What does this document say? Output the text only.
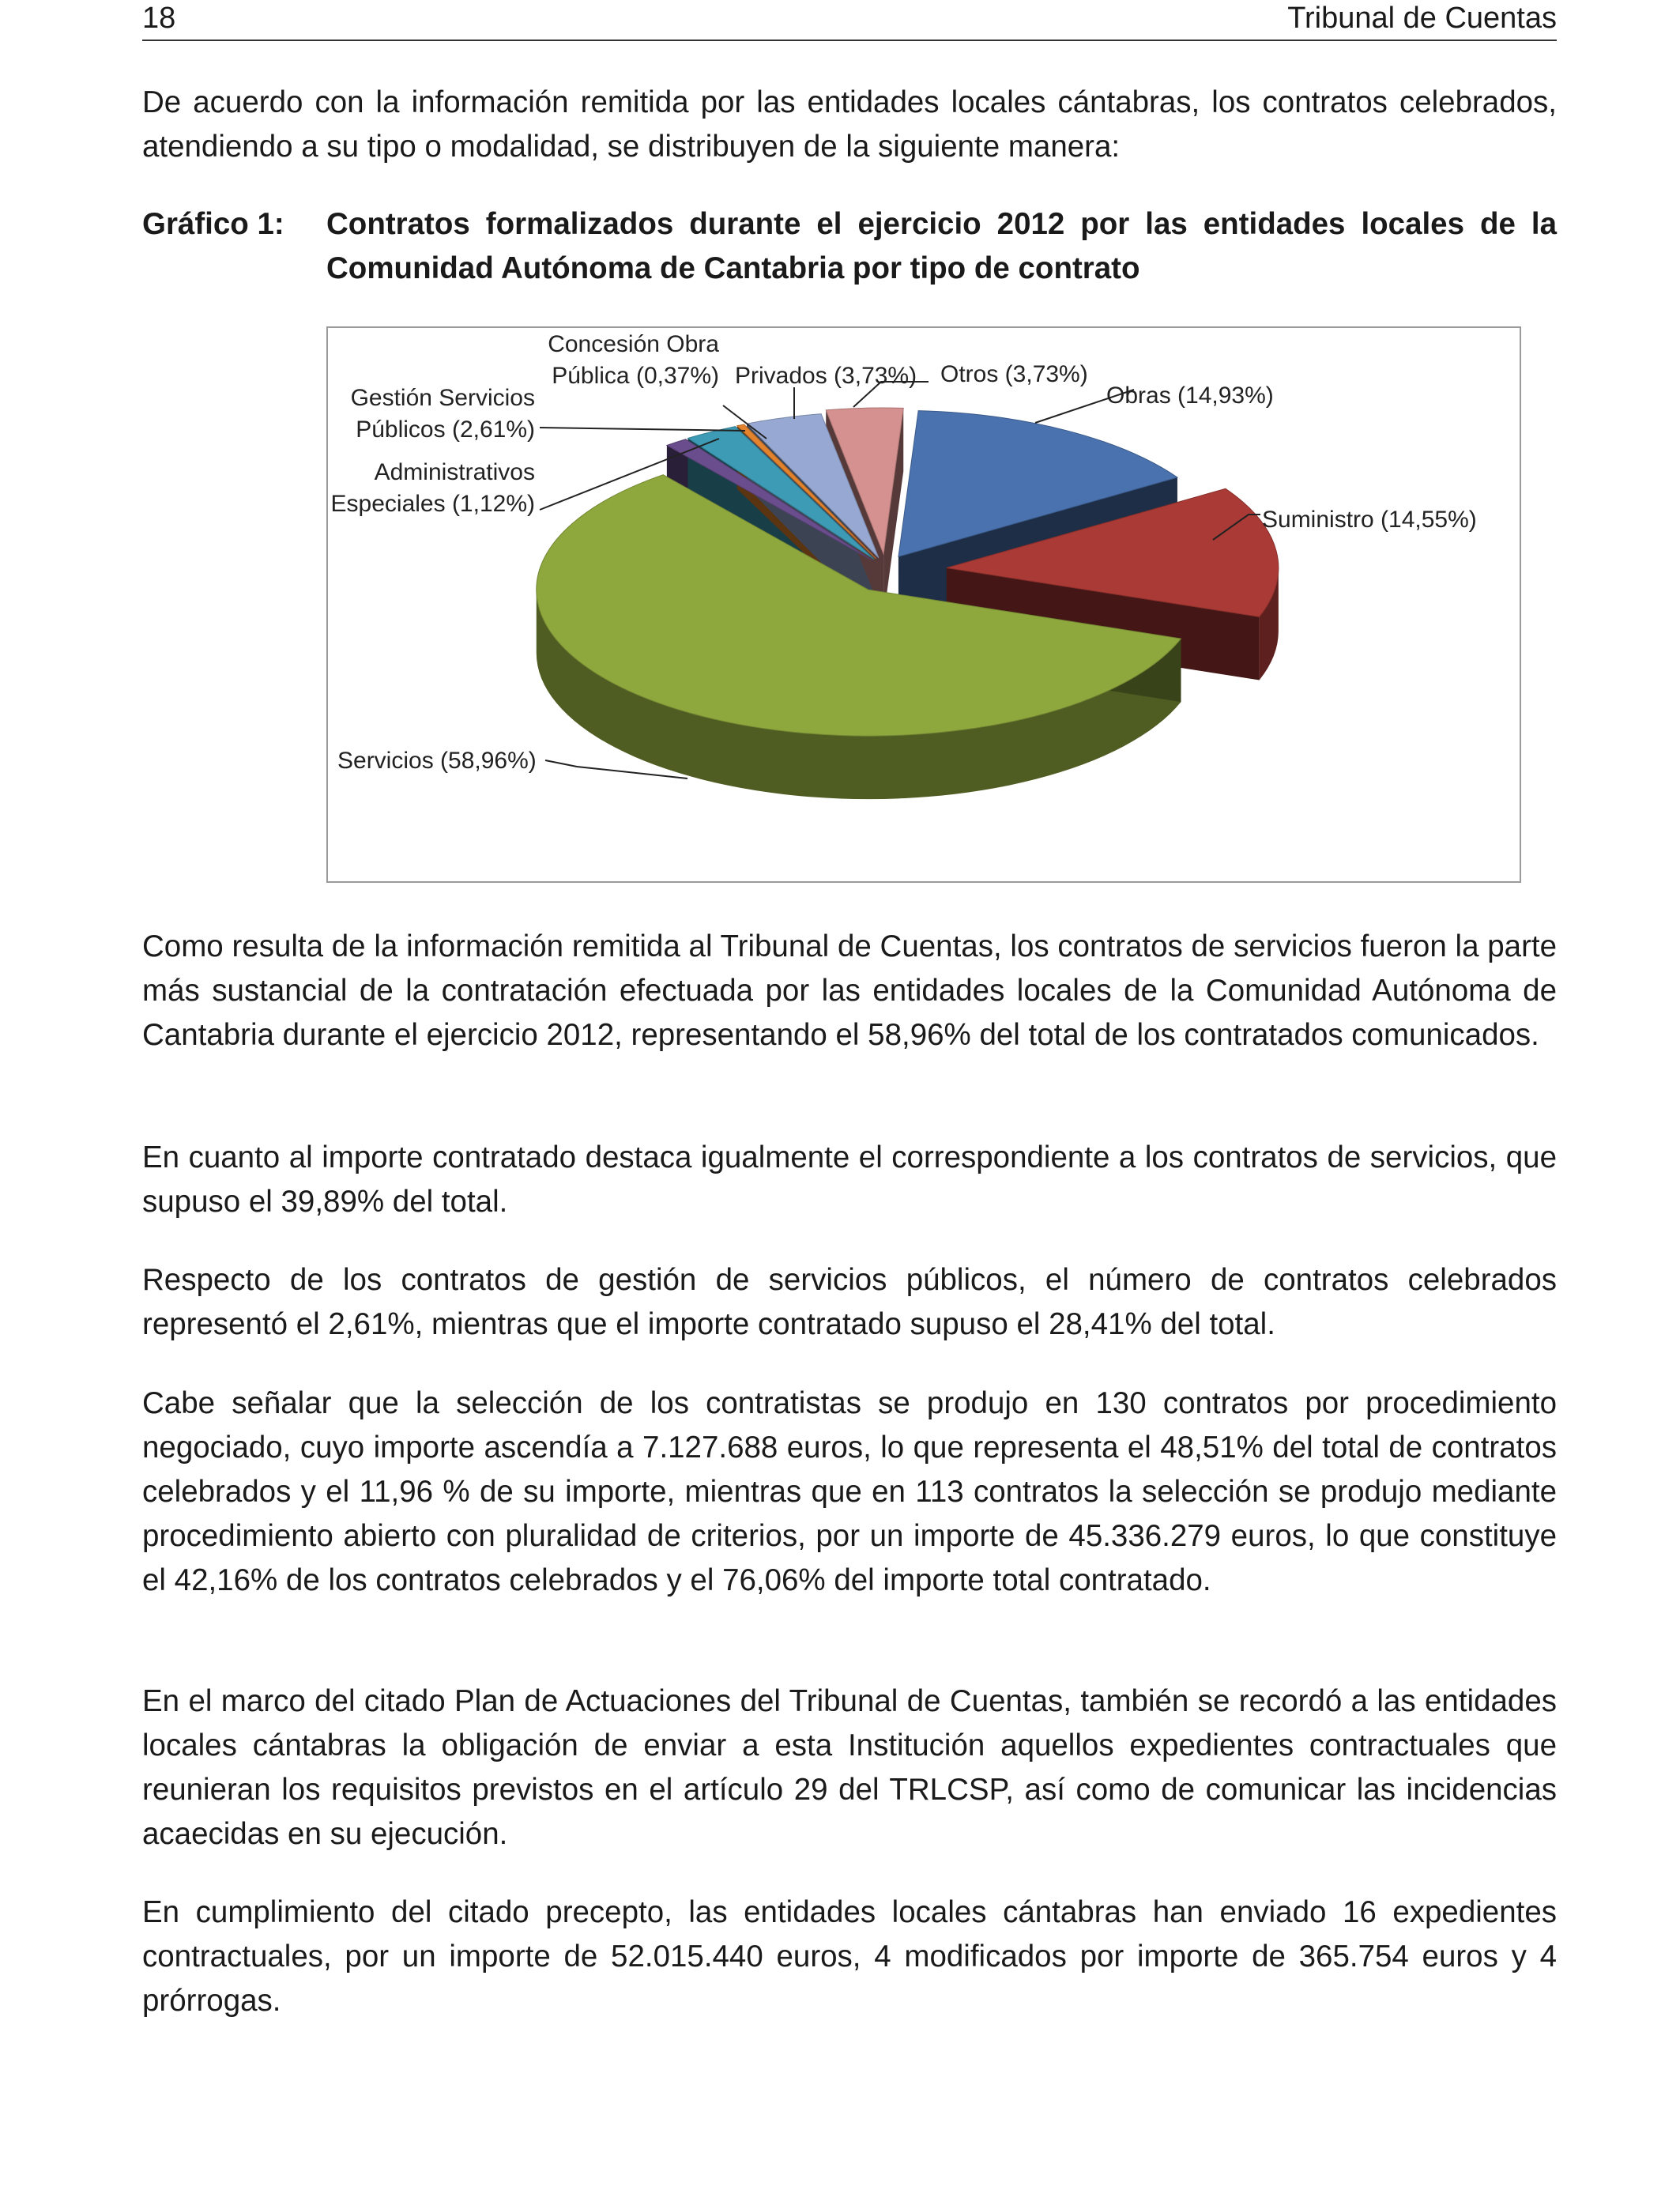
18	Tribunal de Cuentas

De acuerdo con la información remitida por las entidades locales cántabras, los contratos celebrados, atendiendo a su tipo o modalidad, se distribuyen de la siguiente manera:

Gráfico 1: Contratos formalizados durante el ejercicio 2012 por las entidades locales de la Comunidad Autónoma de Cantabria por tipo de contrato
Obras (14,93%)
Suministro (14,55%)
Servicios (58,96%)
Administrativos Especiales (1,12%)
Gestión Servicios Públicos (2,61%)
Concesión Obra Pública (0,37%) Privados (3,73%) Otros (3,73%)

Como resulta de la información remitida al Tribunal de Cuentas, los contratos de servicios fueron la parte más sustancial de la contratación efectuada por las entidades locales de la Comunidad Autónoma de Cantabria durante el ejercicio 2012, representando el 58,96% del total de los contratados comunicados.

En cuanto al importe contratado destaca igualmente el correspondiente a los contratos de servicios, que supuso el 39,89% del total.

Respecto de los contratos de gestión de servicios públicos, el número de contratos celebrados representó el 2,61%, mientras que el importe contratado supuso el 28,41% del total.

Cabe señalar que la selección de los contratistas se produjo en 130 contratos por procedimiento negociado, cuyo importe ascendía a 7.127.688 euros, lo que representa el 48,51% del total de contratos celebrados y el 11,96 % de su importe, mientras que en 113 contratos la selección se produjo mediante procedimiento abierto con pluralidad de criterios, por un importe de 45.336.279 euros, lo que constituye el 42,16% de los contratos celebrados y el 76,06% del importe total contratado.

En el marco del citado Plan de Actuaciones del Tribunal de Cuentas, también se recordó a las entidades locales cántabras la obligación de enviar a esta Institución aquellos expedientes contractuales que reunieran los requisitos previstos en el artículo 29 del TRLCSP, así como de comunicar las incidencias acaecidas en su ejecución.

En cumplimiento del citado precepto, las entidades locales cántabras han enviado 16 expedientes contractuales, por un importe de 52.015.440 euros, 4 modificados por importe de 365.754 euros y 4 prórrogas.
